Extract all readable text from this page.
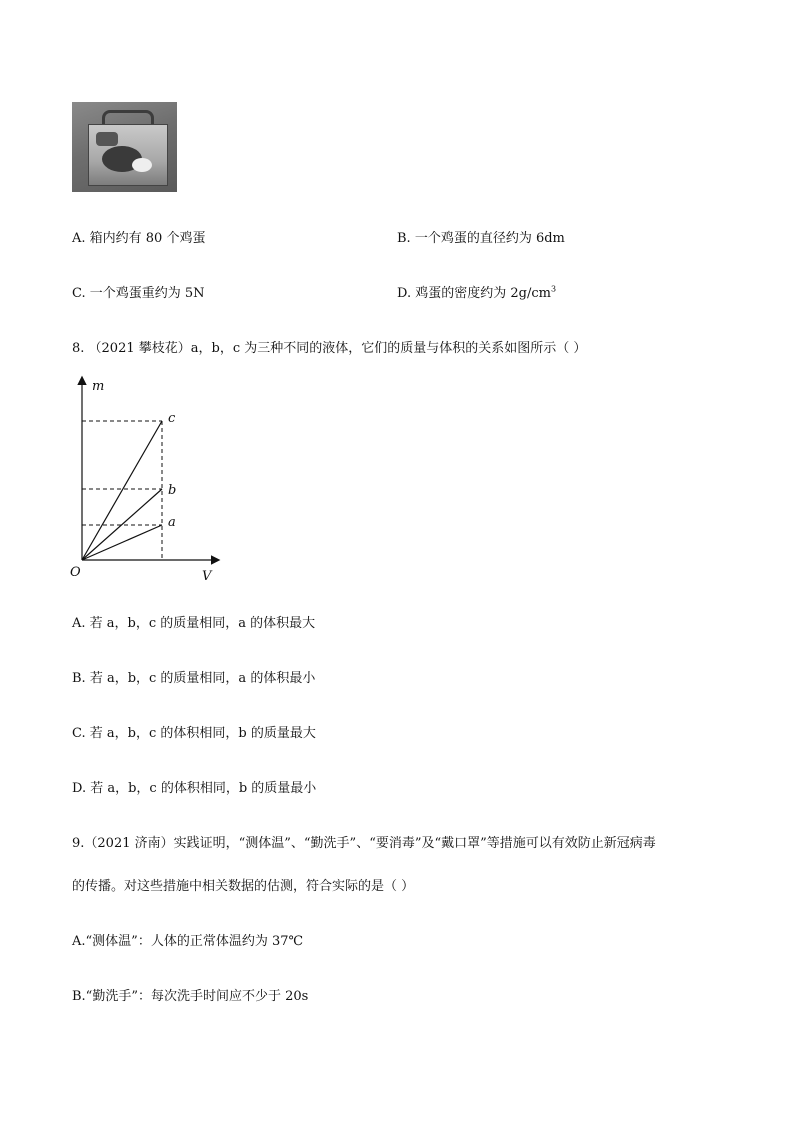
A. 箱内约有 80 个鸡蛋	B. 一个鸡蛋的直径约为 6dm
C. 一个鸡蛋重约为 5N	D. 鸡蛋的密度约为 $2g/cm^3$
8. （2021 攀枝花）a，b，c 为三种不同的液体，它们的质量与体积的关系如图所示（ ）
m
V
O
c
b
a
A. 若 a，b，c 的质量相同，a 的体积最大
B. 若 a，b，c 的质量相同，a 的体积最小
C. 若 a，b，c 的体积相同，b 的质量最大
D. 若 a，b，c 的体积相同，b 的质量最小
9.（2021 济南）实践证明，“测体温”、“勤洗手”、“要消毒”及“戴口罩”等措施可以有效防止新冠病毒
的传播。对这些措施中相关数据的估测，符合实际的是（ ）
A.“测体温”：人体的正常体温约为 37℃
B.“勤洗手”：每次洗手时间应不少于 20s
